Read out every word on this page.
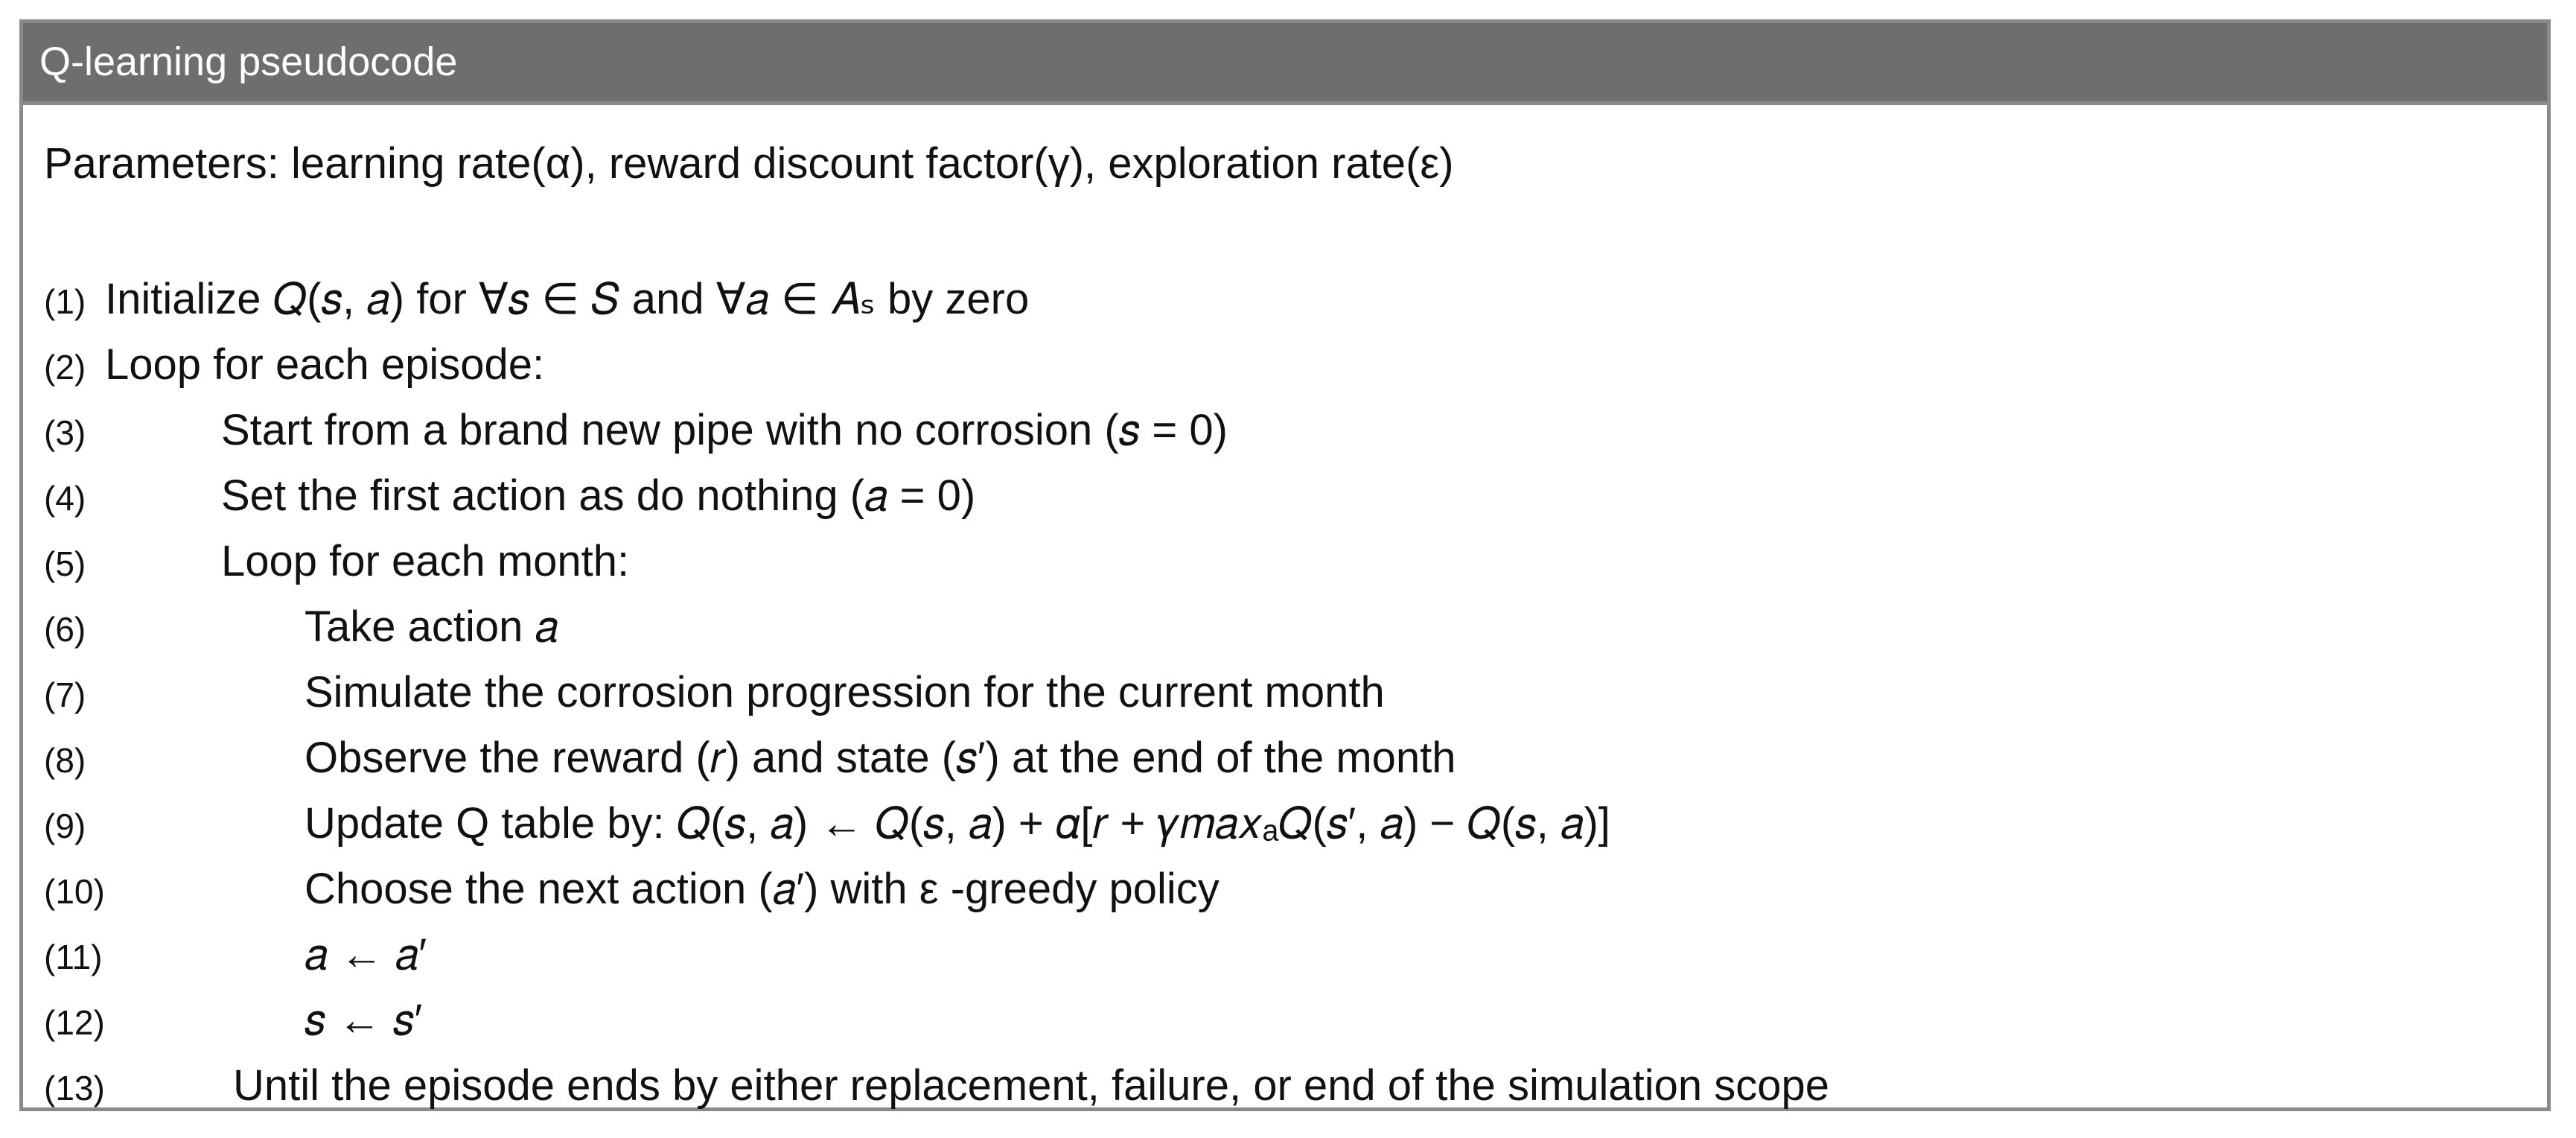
Q-learning pseudocode
Parameters: learning rate(α), reward discount factor(γ), exploration rate(ε)
(1) Initialize 𝑄(𝑠, 𝑎) for ∀𝑠 ∈ 𝑆 and ∀𝑎 ∈ 𝐴ₛ by zero
(2) Loop for each episode:
(3)	Start from a brand new pipe with no corrosion (𝑠 = 0)
(4)	Set the first action as do nothing (𝑎 = 0)
(5)	Loop for each month:
(6)	Take action 𝑎
(7)	Simulate the corrosion progression for the current month
(8)	Observe the reward (𝑟) and state (𝑠′) at the end of the month
(9)	Update Q table by: 𝑄(𝑠, 𝑎) ← 𝑄(𝑠, 𝑎) + 𝛼[𝑟 + 𝛾𝑚𝑎𝑥ₐ𝑄(𝑠′, 𝑎) − 𝑄(𝑠, 𝑎)]
(10)	Choose the next action (𝑎′) with ε -greedy policy
(11)	𝑎 ← 𝑎′
(12)	𝑠 ← 𝑠′
(13)	Until the episode ends by either replacement, failure, or end of the simulation scope
